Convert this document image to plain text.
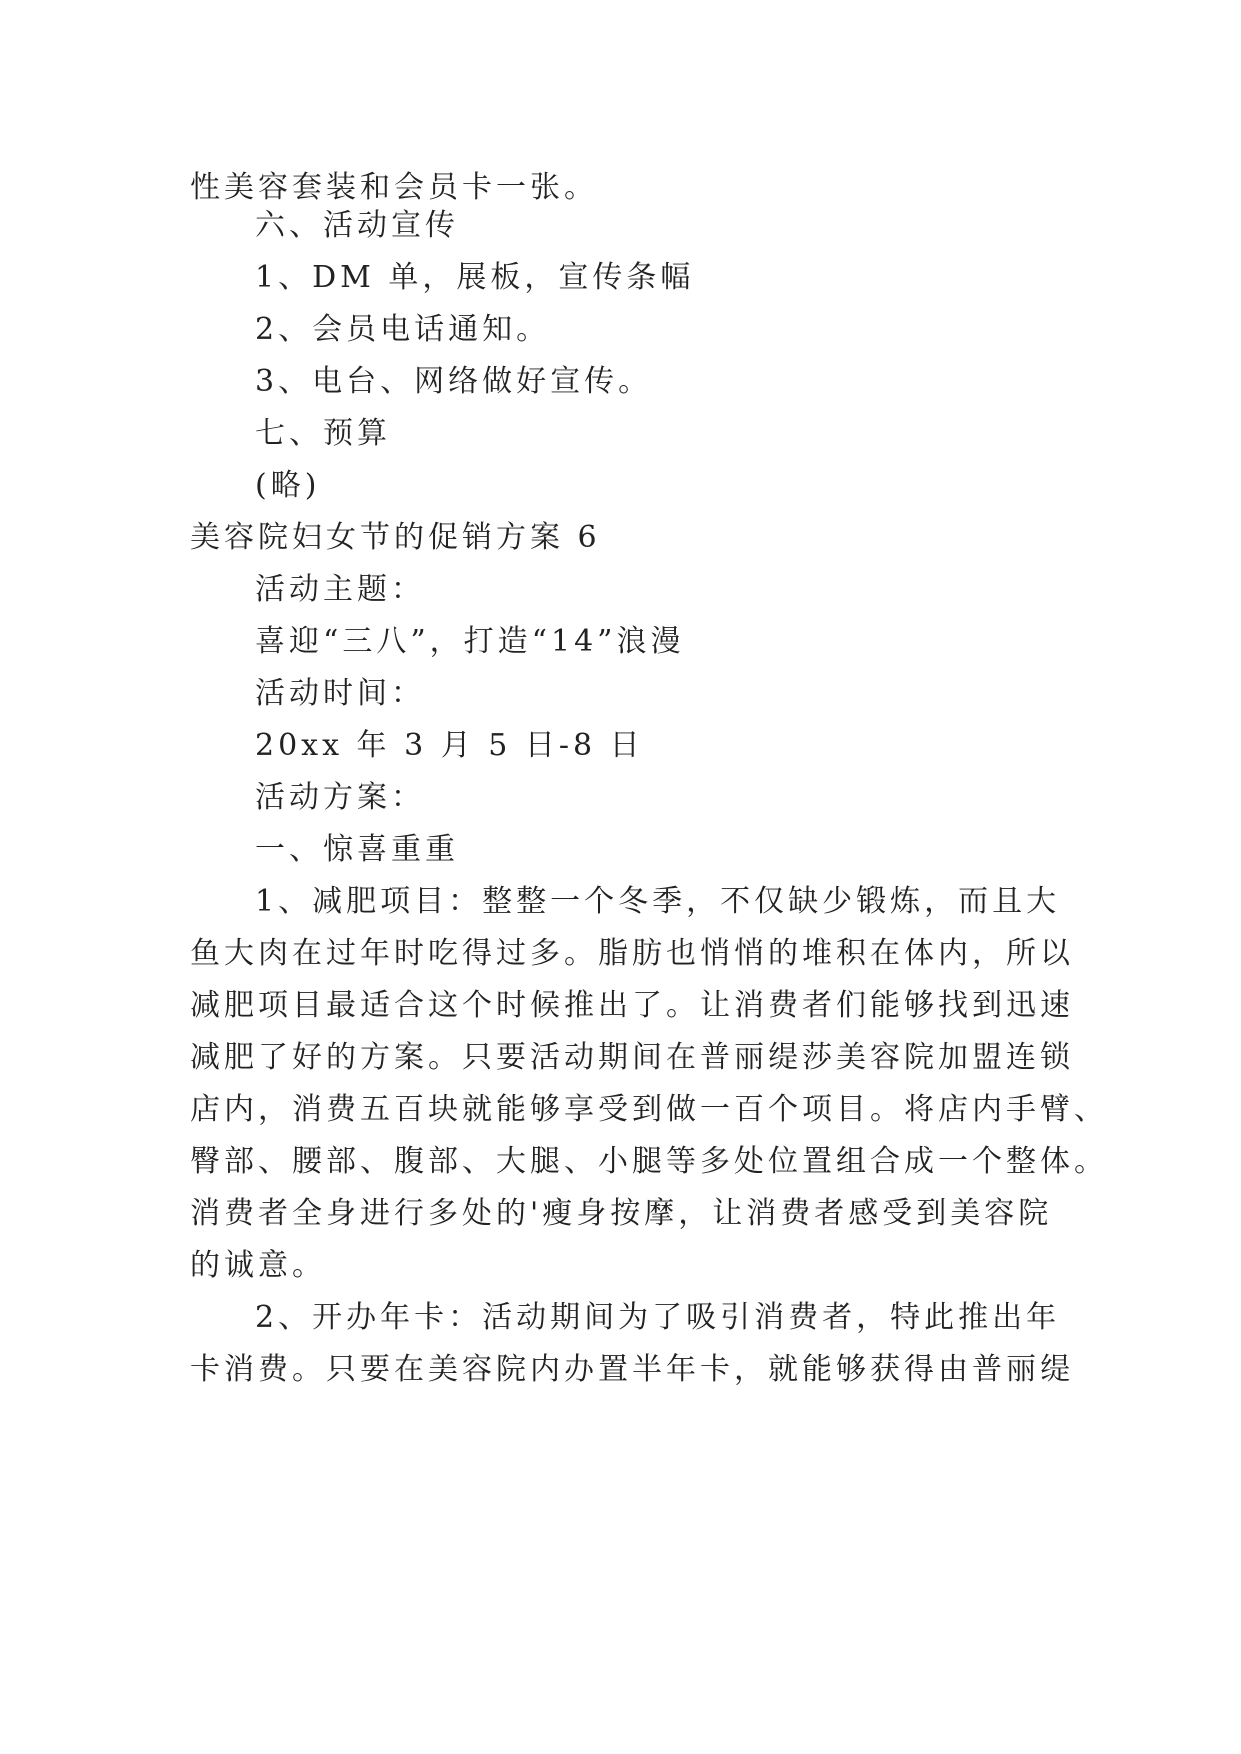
性美容套装和会员卡一张。
六、活动宣传
1、DM 单，展板，宣传条幅
2、会员电话通知。
3、电台、网络做好宣传。
七、预算
(略)
美容院妇女节的促销方案 6
活动主题：
喜迎“三八”，打造“14”浪漫
活动时间：
20xx 年 3 月 5 日-8 日
活动方案：
一、惊喜重重
1、减肥项目：整整一个冬季，不仅缺少锻炼，而且大
鱼大肉在过年时吃得过多。脂肪也悄悄的堆积在体内，所以
减肥项目最适合这个时候推出了。让消费者们能够找到迅速
减肥了好的方案。只要活动期间在普丽缇莎美容院加盟连锁
店内，消费五百块就能够享受到做一百个项目。将店内手臂、
臀部、腰部、腹部、大腿、小腿等多处位置组合成一个整体。
消费者全身进行多处的'瘦身按摩，让消费者感受到美容院
的诚意。
2、开办年卡：活动期间为了吸引消费者，特此推出年
卡消费。只要在美容院内办置半年卡，就能够获得由普丽缇
